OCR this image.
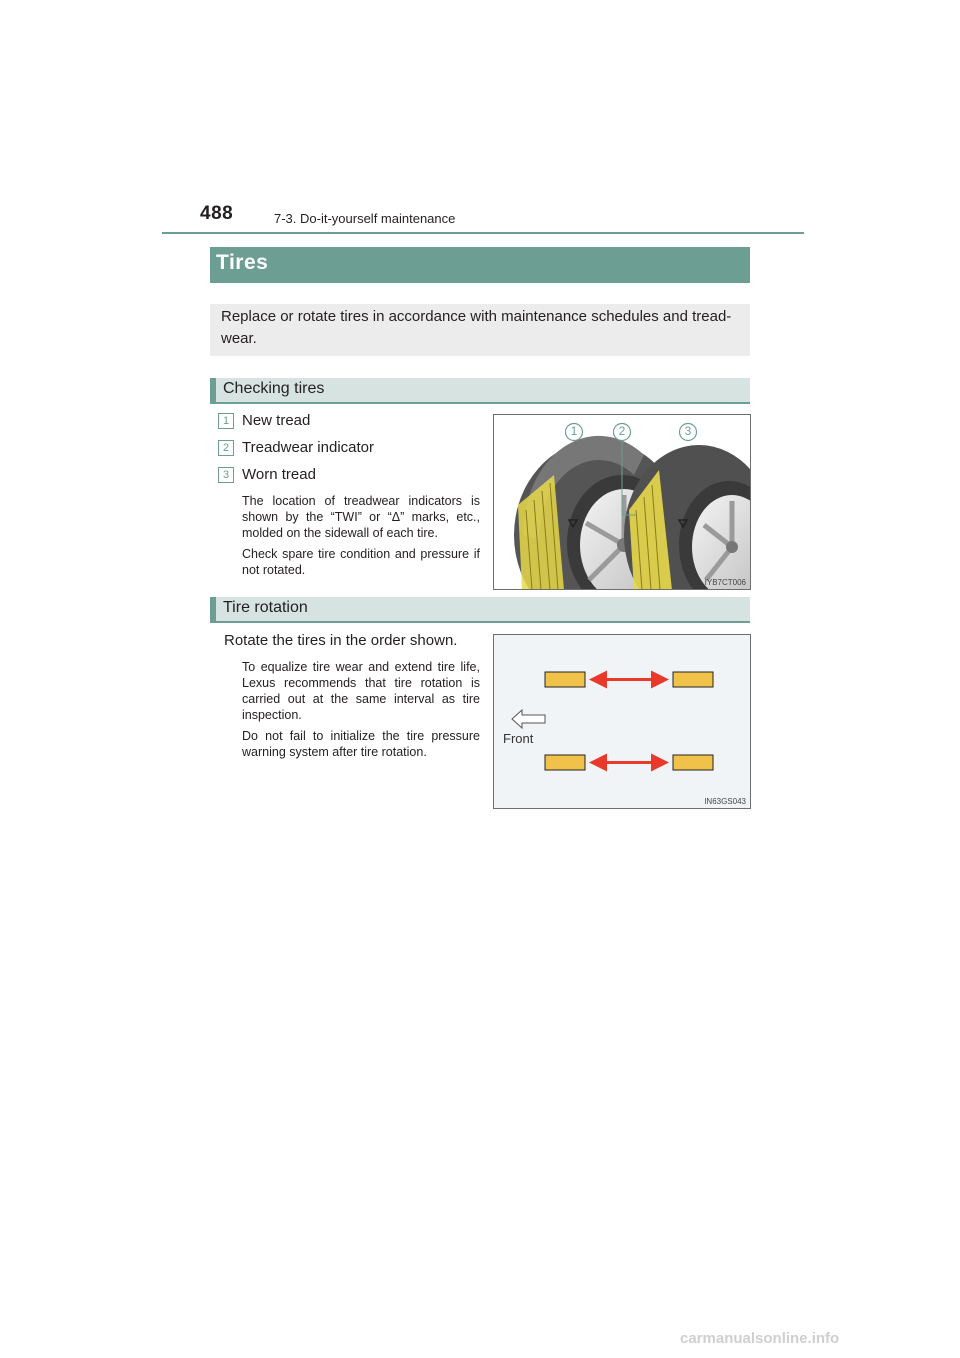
488	7-3. Do-it-yourself maintenance
Tires
Replace or rotate tires in accordance with maintenance schedules and tread-wear.
Checking tires
1 New tread
2 Treadwear indicator
3 Worn tread
The location of treadwear indicators is shown by the “TWI” or “Δ” marks, etc., molded on the sidewall of each tire.
Check spare tire condition and pressure if not rotated.
1	2	3
IYB7CT006
Tire rotation
Rotate the tires in the order shown.
To equalize tire wear and extend tire life, Lexus recommends that tire rotation is carried out at the same interval as tire inspection.
Do not fail to initialize the tire pressure warning system after tire rotation.
Front
IN63GS043
carmanualsonline.info
